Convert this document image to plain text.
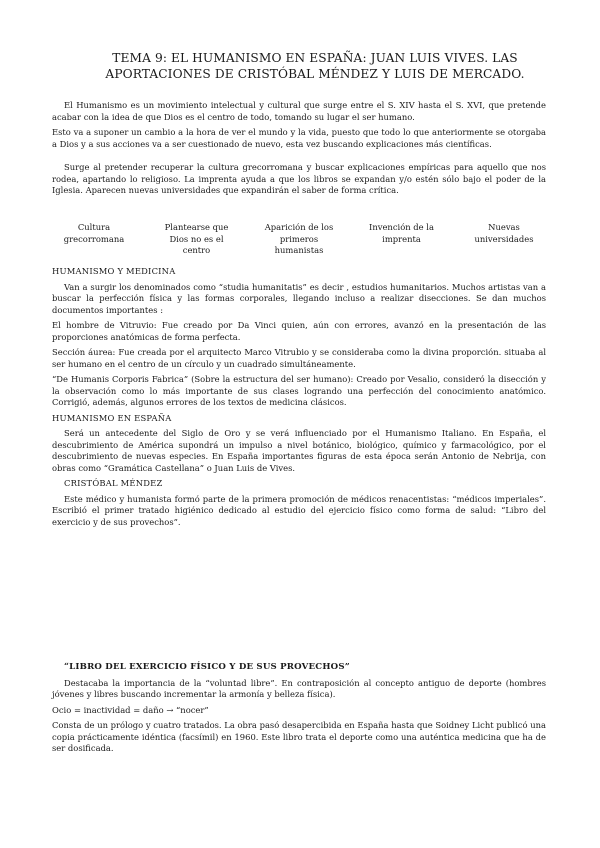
TEMA 9: EL HUMANISMO EN ESPAÑA: JUAN LUIS VIVES. LAS APORTACIONES DE CRISTÓBAL MÉNDEZ Y LUIS DE MERCADO.

El Humanismo es un movimiento intelectual y cultural que surge entre el S. XIV hasta el S. XVI, que pretende acabar con la idea de que Dios es el centro de todo, tomando su lugar el ser humano.

Esto va a suponer un cambio a la hora de ver el mundo y la vida, puesto que todo lo que anteriormente se otorgaba a Dios y a sus acciones va a ser cuestionado de nuevo, esta vez buscando explicaciones más científicas.

Surge al pretender recuperar la cultura grecorromana y buscar explicaciones empíricas para aquello que nos rodea, apartando lo religioso. La imprenta ayuda a que los libros se expandan y/o estén sólo bajo el poder de la Iglesia. Aparecen nuevas universidades que expandirán el saber de forma crítica.

Cultura grecorromana
Plantearse que Dios no es el centro
Aparición de los primeros humanistas
Invención de la imprenta
Nuevas universidades
HUMANISMO Y MEDICINA

Van a surgir los denominados como “studia humanitatis” es decir , estudios humanitarios. Muchos artistas van a buscar la perfección física y las formas corporales, llegando incluso a realizar disecciones. Se dan muchos documentos importantes :

El hombre de Vitruvio: Fue creado por Da Vinci quien, aún con errores, avanzó en la presentación de las proporciones anatómicas de forma perfecta.

Sección áurea: Fue creada por el arquitecto Marco Vitrubio y se consideraba como la divina proporción. situaba al ser humano en el centro de un círculo y un cuadrado simultáneamente.

“De Humanis Corporis Fabrica” (Sobre la estructura del ser humano): Creado por Vesalio, consideró la disección y la observación como lo más importante de sus clases logrando una perfección del conocimiento anatómico. Corrigió, además, algunos errores de los textos de medicina clásicos.

HUMANISMO EN ESPAÑA

Será un antecedente del Siglo de Oro y se verá influenciado por el Humanismo Italiano. En España, el descubrimiento de América supondrá un impulso a nivel botánico, biológico, químico y farmacológico, por el descubrimiento de nuevas especies. En España importantes figuras de esta época serán Antonio de Nebrija, con obras como “Gramática Castellana” o Juan Luis de Vives.

CRISTÓBAL MÉNDEZ

Este médico y humanista formó parte de la primera promoción de médicos renacentistas: “médicos imperiales”. Escribió el primer tratado higiénico dedicado al estudio del ejercicio físico como forma de salud: “Libro del exercicio y de sus provechos”.

“LIBRO DEL EXERCICIO FÍSICO Y DE SUS PROVECHOS”

Destacaba la importancia de la “voluntad libre”. En contraposición al concepto antiguo de deporte (hombres jóvenes y libres buscando incrementar la armonía y belleza física).

Ocio = inactividad = daño → “nocer”

Consta de un prólogo y cuatro tratados. La obra pasó desapercibida en España hasta que Soidney Licht publicó una copia prácticamente idéntica (facsímil) en 1960. Este libro trata el deporte como una auténtica medicina que ha de ser dosificada.
